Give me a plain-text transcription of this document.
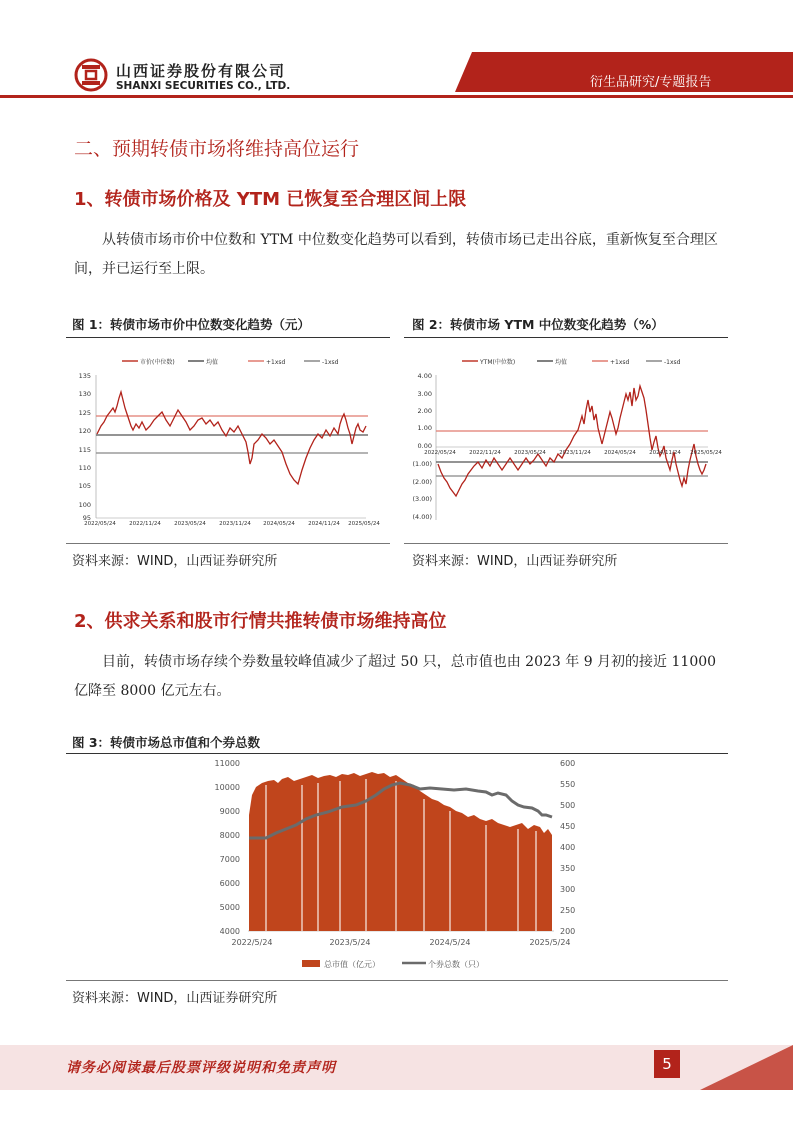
山西证券股份有限公司
SHANXI SECURITIES CO., LTD.	衍生品研究/专题报告
二、预期转债市场将维持高位运行
1、转债市场价格及 YTM 已恢复至合理区间上限
从转债市场市价中位数和 YTM 中位数变化趋势可以看到，转债市场已走出谷底，重新恢复至合理区间，并已运行至上限。
图 1：转债市场市价中位数变化趋势（元）
市价(中位数)	均值	+1xsd	-1xsd
135
130
125
120
115
110
105
100
95
2022/05/24 2022/11/24 2023/05/24 2023/11/24 2024/05/24 2024/11/24 2025/05/24
资料来源：WIND，山西证券研究所
图 2：转债市场 YTM 中位数变化趋势（%）
YTM(中位数)	均值	+1xsd	-1xsd
4.00
3.00
2.00
1.00
0.00
(1.00)
(2.00)
(3.00)
(4.00)
2022/05/24 2022/11/24 2023/05/24 2023/11/24 2024/05/24 2024/11/24 2025/05/24
资料来源：WIND，山西证券研究所
2、供求关系和股市行情共推转债市场维持高位
目前，转债市场存续个券数量较峰值减少了超过 50 只，总市值也由 2023 年 9 月初的接近 11000 亿降至 8000 亿元左右。
图 3：转债市场总市值和个券总数
11000
10000
9000
8000
7000
6000
5000
4000
600
550
500
450
400
350
300
250
200
2022/5/24	2023/5/24	2024/5/24	2025/5/24
总市值（亿元）	个券总数（只）
资料来源：WIND，山西证券研究所
请务必阅读最后股票评级说明和免责声明	5
